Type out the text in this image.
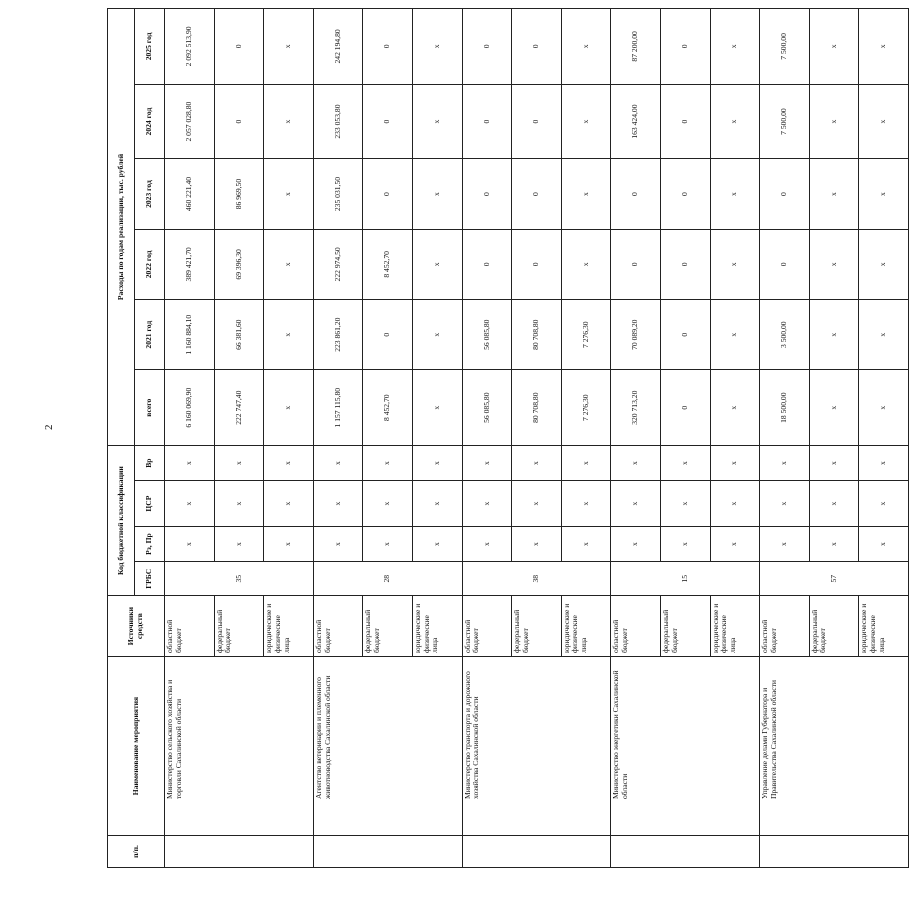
2
п/п.	Наименование мероприятия	Источники средств	Код бюджетной классификации				Расходы по годам реализации, тыс. рублей					
			ГРБС	Рз, Пр	ЦСР	Вр	всего	2021 год	2022 год	2023 год	2024 год	2025 год
	Министерство сельского хозяйства и торговли Сахалинской области	областной бюджет	35	x	x	x	6 160 069,90	1 160 884,10	389 421,70	460 221,40	2 057 028,80	2 092 513,90
		федеральный бюджет		x	x	x	222 747,40	66 381,60	69 396,30	86 969,50	0	0
		юридические и физические лица		x	x	x	x	x	x	x	x	x
	Агентство ветеринарии и племенного животноводства Сахалинской области	областной бюджет	28	x	x	x	1 157 115,80	223 861,20	222 974,50	235 031,50	233 053,80	242 194,80
		федеральный бюджет		x	x	x	8 452,70	0	8 452,70	0	0	0
		юридические и физические лица		x	x	x	x	x	x	x	x	x
	Министерство транспорта и дорожного хозяйства Сахалинской области	областной бюджет	38	x	x	x	56 085,80	56 085,80	0	0	0	0
		федеральный бюджет		x	x	x	80 708,80	80 708,80	0	0	0	0
		юридические и физические лица		x	x	x	7 276,30	7 276,30	x	x	x	x
	Министерство энергетики Сахалинской области	областной бюджет	15	x	x	x	320 713,20	70 089,20	0	0	163 424,00	87 200,00
		федеральный бюджет		x	x	x	0	0	0	0	0	0
		юридические и физические лица		x	x	x	x	x	x	x	x	x
	Управление делами Губернатора и Правительства Сахалинской области	областной бюджет	57	x	x	x	18 500,00	3 500,00	0	0	7 500,00	7 500,00
		федеральный бюджет		x	x	x	x	x	x	x	x	x
		юридические и физические лица		x	x	x	x	x	x	x	x	x
